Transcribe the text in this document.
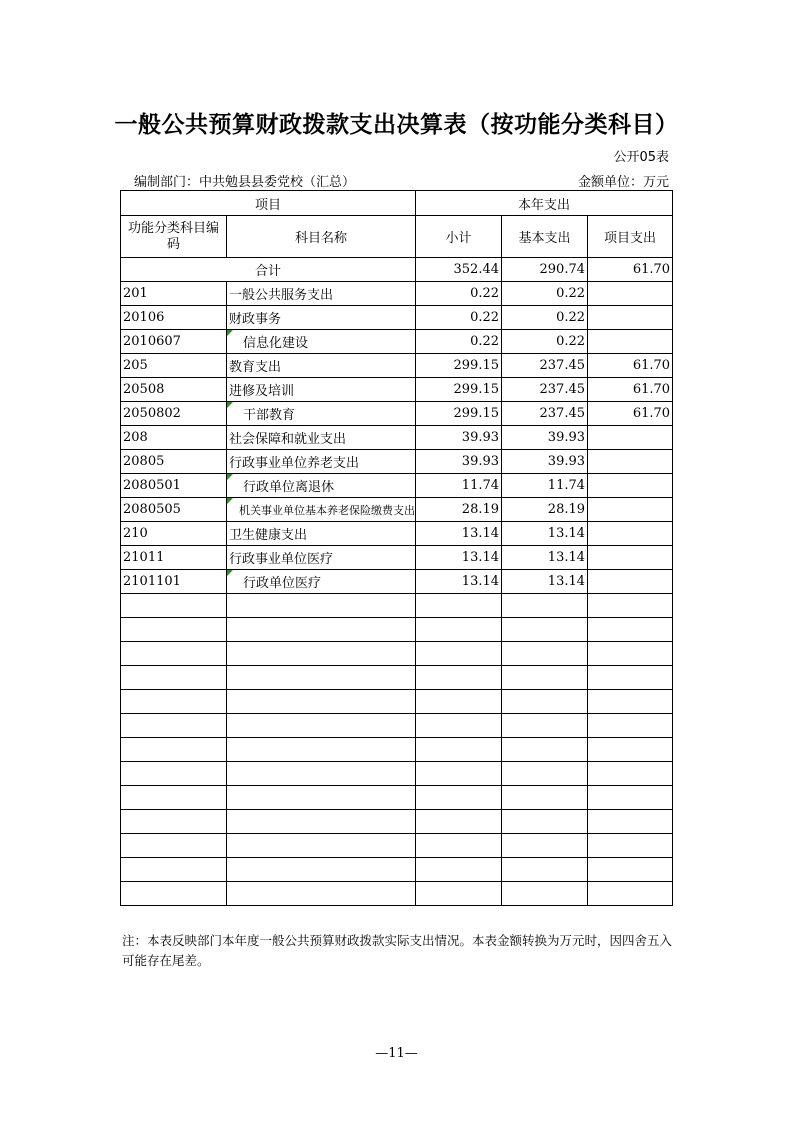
一般公共预算财政拨款支出决算表（按功能分类科目）
公开05表
编制部门：中共勉县县委党校（汇总）	金额单位：万元
项目		本年支出		
功能分类科目编码	科目名称	小计	基本支出	项目支出
合计		352.44	290.74	61.70
201	一般公共服务支出	0.22	0.22	
20106	财政事务	0.22	0.22	
2010607	信息化建设	0.22	0.22	
205	教育支出	299.15	237.45	61.70
20508	进修及培训	299.15	237.45	61.70
2050802	干部教育	299.15	237.45	61.70
208	社会保障和就业支出	39.93	39.93	
20805	行政事业单位养老支出	39.93	39.93	
2080501	行政单位离退休	11.74	11.74	
2080505	机关事业单位基本养老保险缴费支出	28.19	28.19	
210	卫生健康支出	13.14	13.14	
21011	行政事业单位医疗	13.14	13.14	
2101101	行政单位医疗	13.14	13.14	

注：本表反映部门本年度一般公共预算财政拨款实际支出情况。本表金额转换为万元时，因四舍五入可能存在尾差。
—11—
